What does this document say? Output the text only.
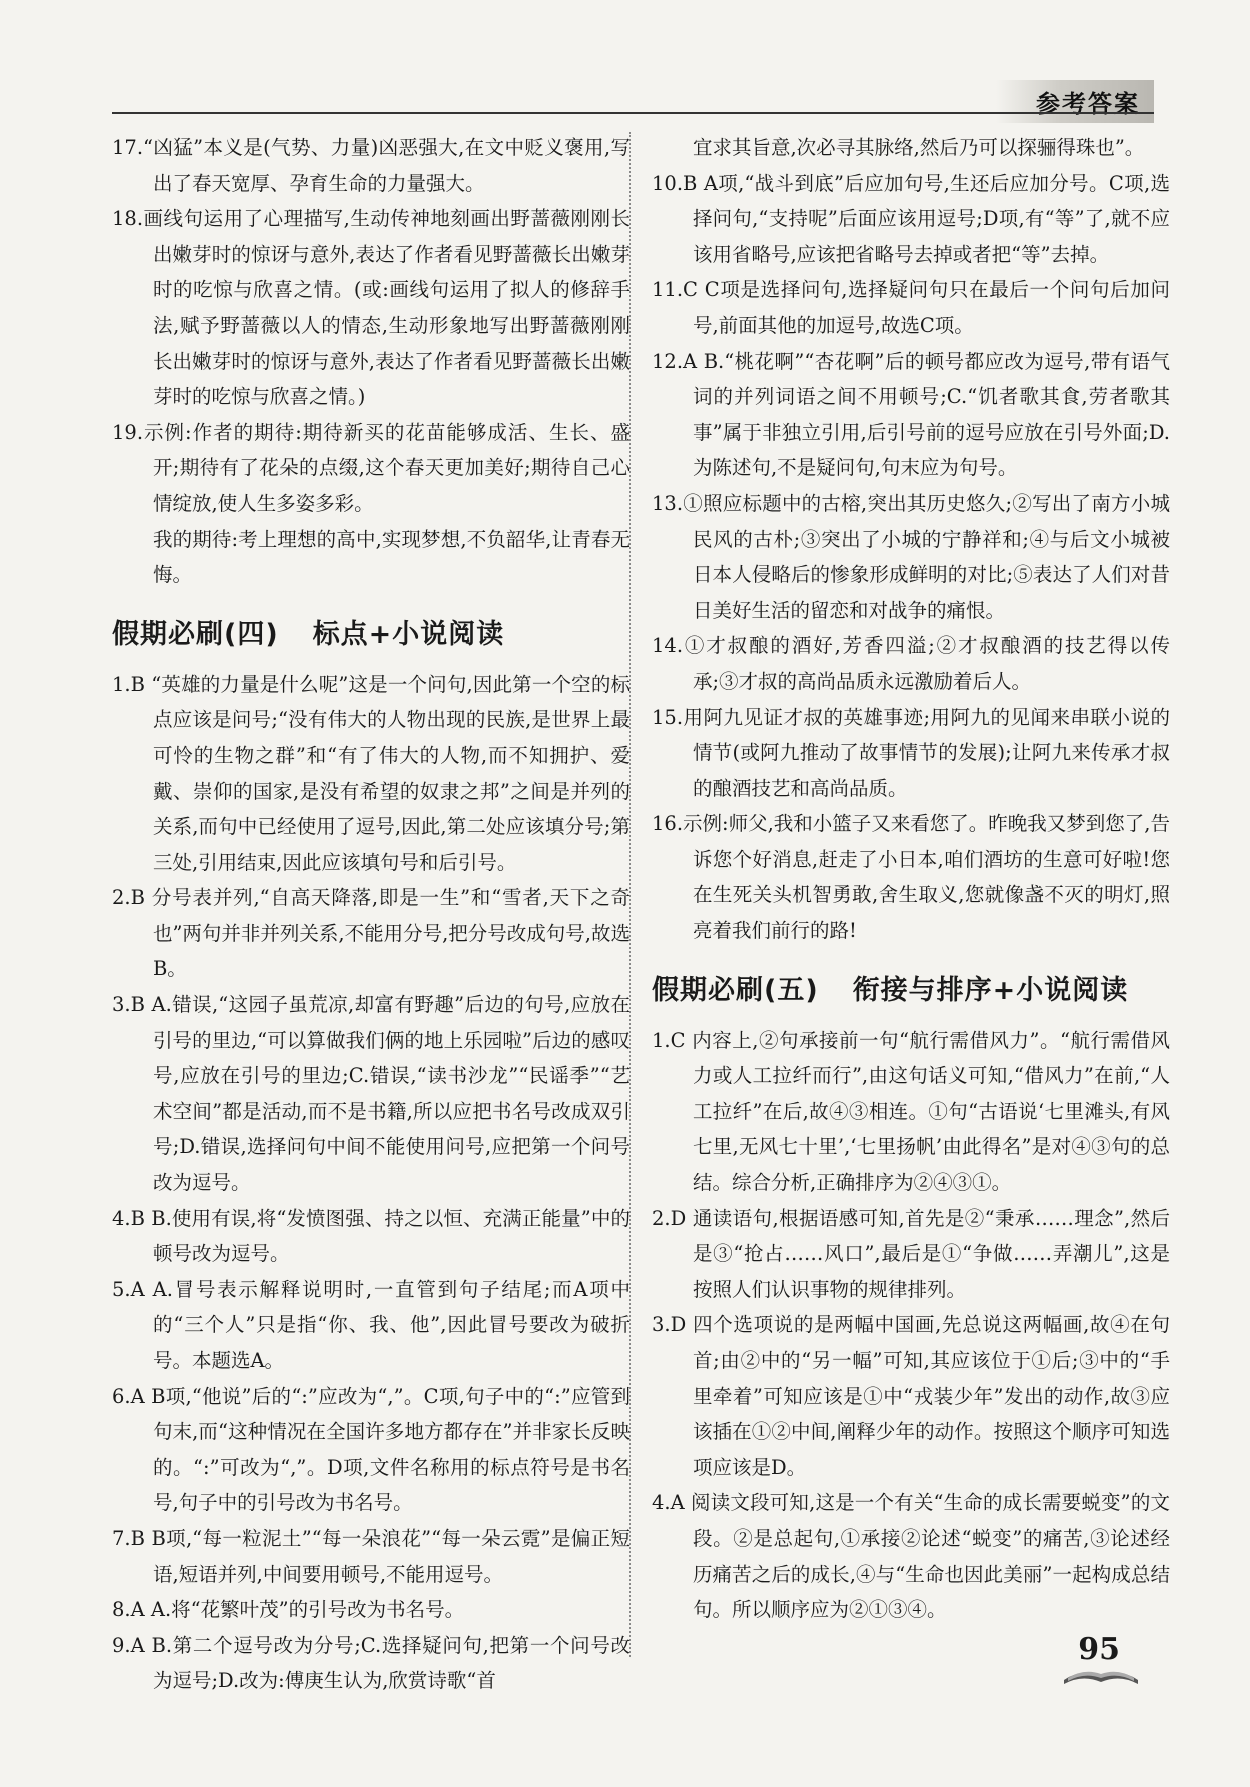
参考答案

17.“凶猛”本义是(气势、力量)凶恶强大,在文中贬义褒用,写出了春天宽厚、孕育生命的力量强大。

18.画线句运用了心理描写,生动传神地刻画出野蔷薇刚刚长出嫩芽时的惊讶与意外,表达了作者看见野蔷薇长出嫩芽时的吃惊与欣喜之情。(或:画线句运用了拟人的修辞手法,赋予野蔷薇以人的情态,生动形象地写出野蔷薇刚刚长出嫩芽时的惊讶与意外,表达了作者看见野蔷薇长出嫩芽时的吃惊与欣喜之情。)

19.示例:作者的期待:期待新买的花苗能够成活、生长、盛开;期待有了花朵的点缀,这个春天更加美好;期待自己心情绽放,使人生多姿多彩。

我的期待:考上理想的高中,实现梦想,不负韶华,让青春无悔。

假期必刷(四) 标点+小说阅读

1.B “英雄的力量是什么呢”这是一个问句,因此第一个空的标点应该是问号;“没有伟大的人物出现的民族,是世界上最可怜的生物之群”和“有了伟大的人物,而不知拥护、爱戴、崇仰的国家,是没有希望的奴隶之邦”之间是并列的关系,而句中已经使用了逗号,因此,第二处应该填分号;第三处,引用结束,因此应该填句号和后引号。

2.B 分号表并列,“自高天降落,即是一生”和“雪者,天下之奇也”两句并非并列关系,不能用分号,把分号改成句号,故选B。

3.B A.错误,“这园子虽荒凉,却富有野趣”后边的句号,应放在引号的里边,“可以算做我们俩的地上乐园啦”后边的感叹号,应放在引号的里边;C.错误,“读书沙龙”“民谣季”“艺术空间”都是活动,而不是书籍,所以应把书名号改成双引号;D.错误,选择问句中间不能使用问号,应把第一个问号改为逗号。

4.B B.使用有误,将“发愤图强、持之以恒、充满正能量”中的顿号改为逗号。

5.A A.冒号表示解释说明时,一直管到句子结尾;而A项中的“三个人”只是指“你、我、他”,因此冒号要改为破折号。本题选A。

6.A B项,“他说”后的“:”应改为“,”。C项,句子中的“:”应管到句末,而“这种情况在全国许多地方都存在”并非家长反映的。“:”可改为“,”。D项,文件名称用的标点符号是书名号,句子中的引号改为书名号。

7.B B项,“每一粒泥土”“每一朵浪花”“每一朵云霓”是偏正短语,短语并列,中间要用顿号,不能用逗号。

8.A A.将“花繁叶茂”的引号改为书名号。

9.A B.第二个逗号改为分号;C.选择疑问句,把第一个问号改为逗号;D.改为:傅庚生认为,欣赏诗歌“首

宜求其旨意,次必寻其脉络,然后乃可以探骊得珠也”。

10.B A项,“战斗到底”后应加句号,生还后应加分号。C项,选择问句,“支持呢”后面应该用逗号;D项,有“等”了,就不应该用省略号,应该把省略号去掉或者把“等”去掉。

11.C C项是选择问句,选择疑问句只在最后一个问句后加问号,前面其他的加逗号,故选C项。

12.A B.“桃花啊”“杏花啊”后的顿号都应改为逗号,带有语气词的并列词语之间不用顿号;C.“饥者歌其食,劳者歌其事”属于非独立引用,后引号前的逗号应放在引号外面;D.为陈述句,不是疑问句,句末应为句号。

13.①照应标题中的古榕,突出其历史悠久;②写出了南方小城民风的古朴;③突出了小城的宁静祥和;④与后文小城被日本人侵略后的惨象形成鲜明的对比;⑤表达了人们对昔日美好生活的留恋和对战争的痛恨。

14.①才叔酿的酒好,芳香四溢;②才叔酿酒的技艺得以传承;③才叔的高尚品质永远激励着后人。

15.用阿九见证才叔的英雄事迹;用阿九的见闻来串联小说的情节(或阿九推动了故事情节的发展);让阿九来传承才叔的酿酒技艺和高尚品质。

16.示例:师父,我和小篮子又来看您了。昨晚我又梦到您了,告诉您个好消息,赶走了小日本,咱们酒坊的生意可好啦!您在生死关头机智勇敢,舍生取义,您就像盏不灭的明灯,照亮着我们前行的路!

假期必刷(五) 衔接与排序+小说阅读

1.C 内容上,②句承接前一句“航行需借风力”。“航行需借风力或人工拉纤而行”,由这句话义可知,“借风力”在前,“人工拉纤”在后,故④③相连。①句“古语说‘七里滩头,有风七里,无风七十里’,‘七里扬帆’由此得名”是对④③句的总结。综合分析,正确排序为②④③①。

2.D 通读语句,根据语感可知,首先是②“秉承……理念”,然后是③“抢占……风口”,最后是①“争做……弄潮儿”,这是按照人们认识事物的规律排列。

3.D 四个选项说的是两幅中国画,先总说这两幅画,故④在句首;由②中的“另一幅”可知,其应该位于①后;③中的“手里牵着”可知应该是①中“戎装少年”发出的动作,故③应该插在①②中间,阐释少年的动作。按照这个顺序可知选项应该是D。

4.A 阅读文段可知,这是一个有关“生命的成长需要蜕变”的文段。②是总起句,①承接②论述“蜕变”的痛苦,③论述经历痛苦之后的成长,④与“生命也因此美丽”一起构成总结句。所以顺序应为②①③④。

95
